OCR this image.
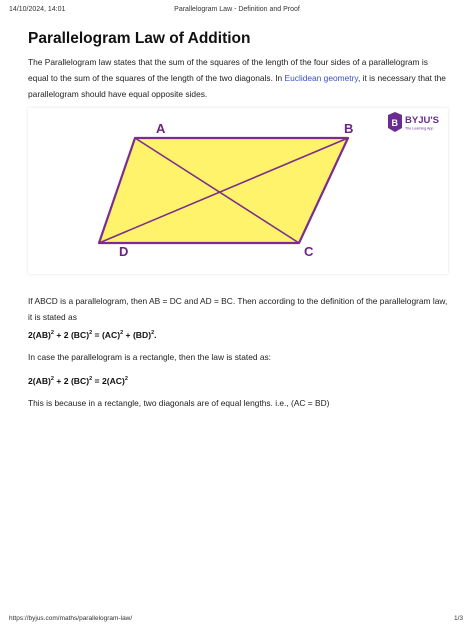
14/10/2024, 14:01	Parallelogram Law - Definition and Proof
Parallelogram Law of Addition

The Parallelogram law states that the sum of the squares of the length of the four sides of a parallelogram is equal to the sum of the squares of the length of the two diagonals. In Euclidean geometry, it is necessary that the parallelogram should have equal opposite sides.

A	B
C
D
B BYJU'S
The Learning App

If ABCD is a parallelogram, then AB = DC and AD = BC. Then according to the definition of the parallelogram law, it is stated as

2(AB)$^2$ + 2 (BC)$^2$ = (AC)$^2$ + (BD)$^2$.

In case the parallelogram is a rectangle, then the law is stated as:

2(AB)$^2$ + 2 (BC)$^2$ = 2(AC)$^2$

This is because in a rectangle, two diagonals are of equal lengths. i.e., (AC = BD)

https://byjus.com/maths/parallelogram-law/	1/3
